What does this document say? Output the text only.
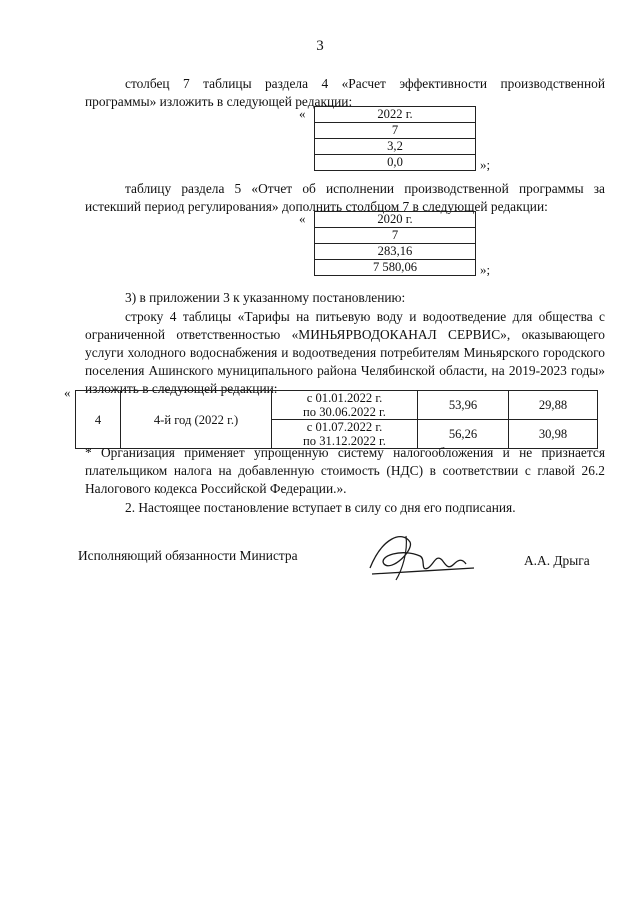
3
столбец 7 таблицы раздела 4 «Расчет эффективности производственной программы» изложить в следующей редакции:
«	2022 г.
7
3,2
0,0	»;
таблицу раздела 5 «Отчет об исполнении производственной программы за истекший период регулирования» дополнить столбцом 7 в следующей редакции:
«	2020 г.
7
283,16
7 580,06	»;
3) в приложении 3 к указанному постановлению:
строку 4 таблицы «Тарифы на питьевую воду и водоотведение для общества с ограниченной ответственностью «МИНЬЯРВОДОКАНАЛ СЕРВИС», оказывающего услуги холодного водоснабжения и водоотведения потребителям Миньярского городского поселения Ашинского муниципального района Челябинской области, на 2019-2023 годы» изложить в следующей редакции:
«
4	4-й год (2022 г.)	с 01.01.2022 г.
по 30.06.2022 г.	53,96	29,88

		с 01.07.2022 г.
по 31.12.2022 г.	56,26	30,98
* Организация применяет упрощенную систему налогообложения и не признается плательщиком налога на добавленную стоимость (НДС) в соответствии с главой 26.2 Налогового кодекса Российской Федерации.».
2. Настоящее постановление вступает в силу со дня его подписания.
Исполняющий обязанности Министра	А.А. Дрыга
